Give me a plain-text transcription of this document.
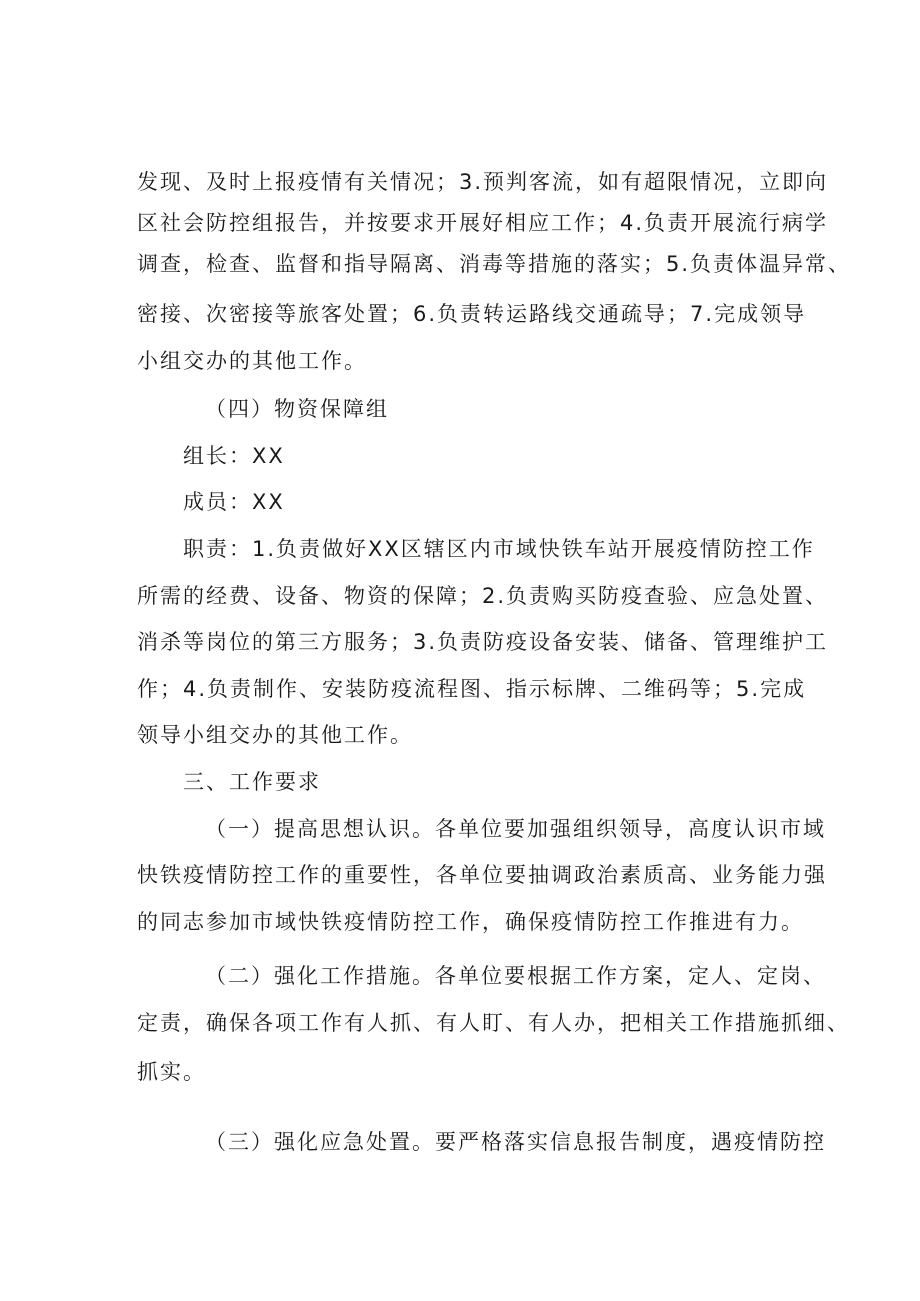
发现、及时上报疫情有关情况；3.预判客流，如有超限情况，立即向
区社会防控组报告，并按要求开展好相应工作；4.负责开展流行病学
调查，检查、监督和指导隔离、消毒等措施的落实；5.负责体温异常、
密接、次密接等旅客处置；6.负责转运路线交通疏导；7.完成领导
小组交办的其他工作。
（四）物资保障组
组长：XX
成员：XX
职责：1.负责做好XX区辖区内市域快铁车站开展疫情防控工作
所需的经费、设备、物资的保障；2.负责购买防疫查验、应急处置、
消杀等岗位的第三方服务；3.负责防疫设备安装、储备、管理维护工
作；4.负责制作、安装防疫流程图、指示标牌、二维码等；5.完成
领导小组交办的其他工作。
三、工作要求
（一）提高思想认识。各单位要加强组织领导，高度认识市域
快铁疫情防控工作的重要性，各单位要抽调政治素质高、业务能力强
的同志参加市域快铁疫情防控工作，确保疫情防控工作推进有力。
（二）强化工作措施。各单位要根据工作方案，定人、定岗、
定责，确保各项工作有人抓、有人盯、有人办，把相关工作措施抓细、
抓实。
（三）强化应急处置。要严格落实信息报告制度，遇疫情防控
